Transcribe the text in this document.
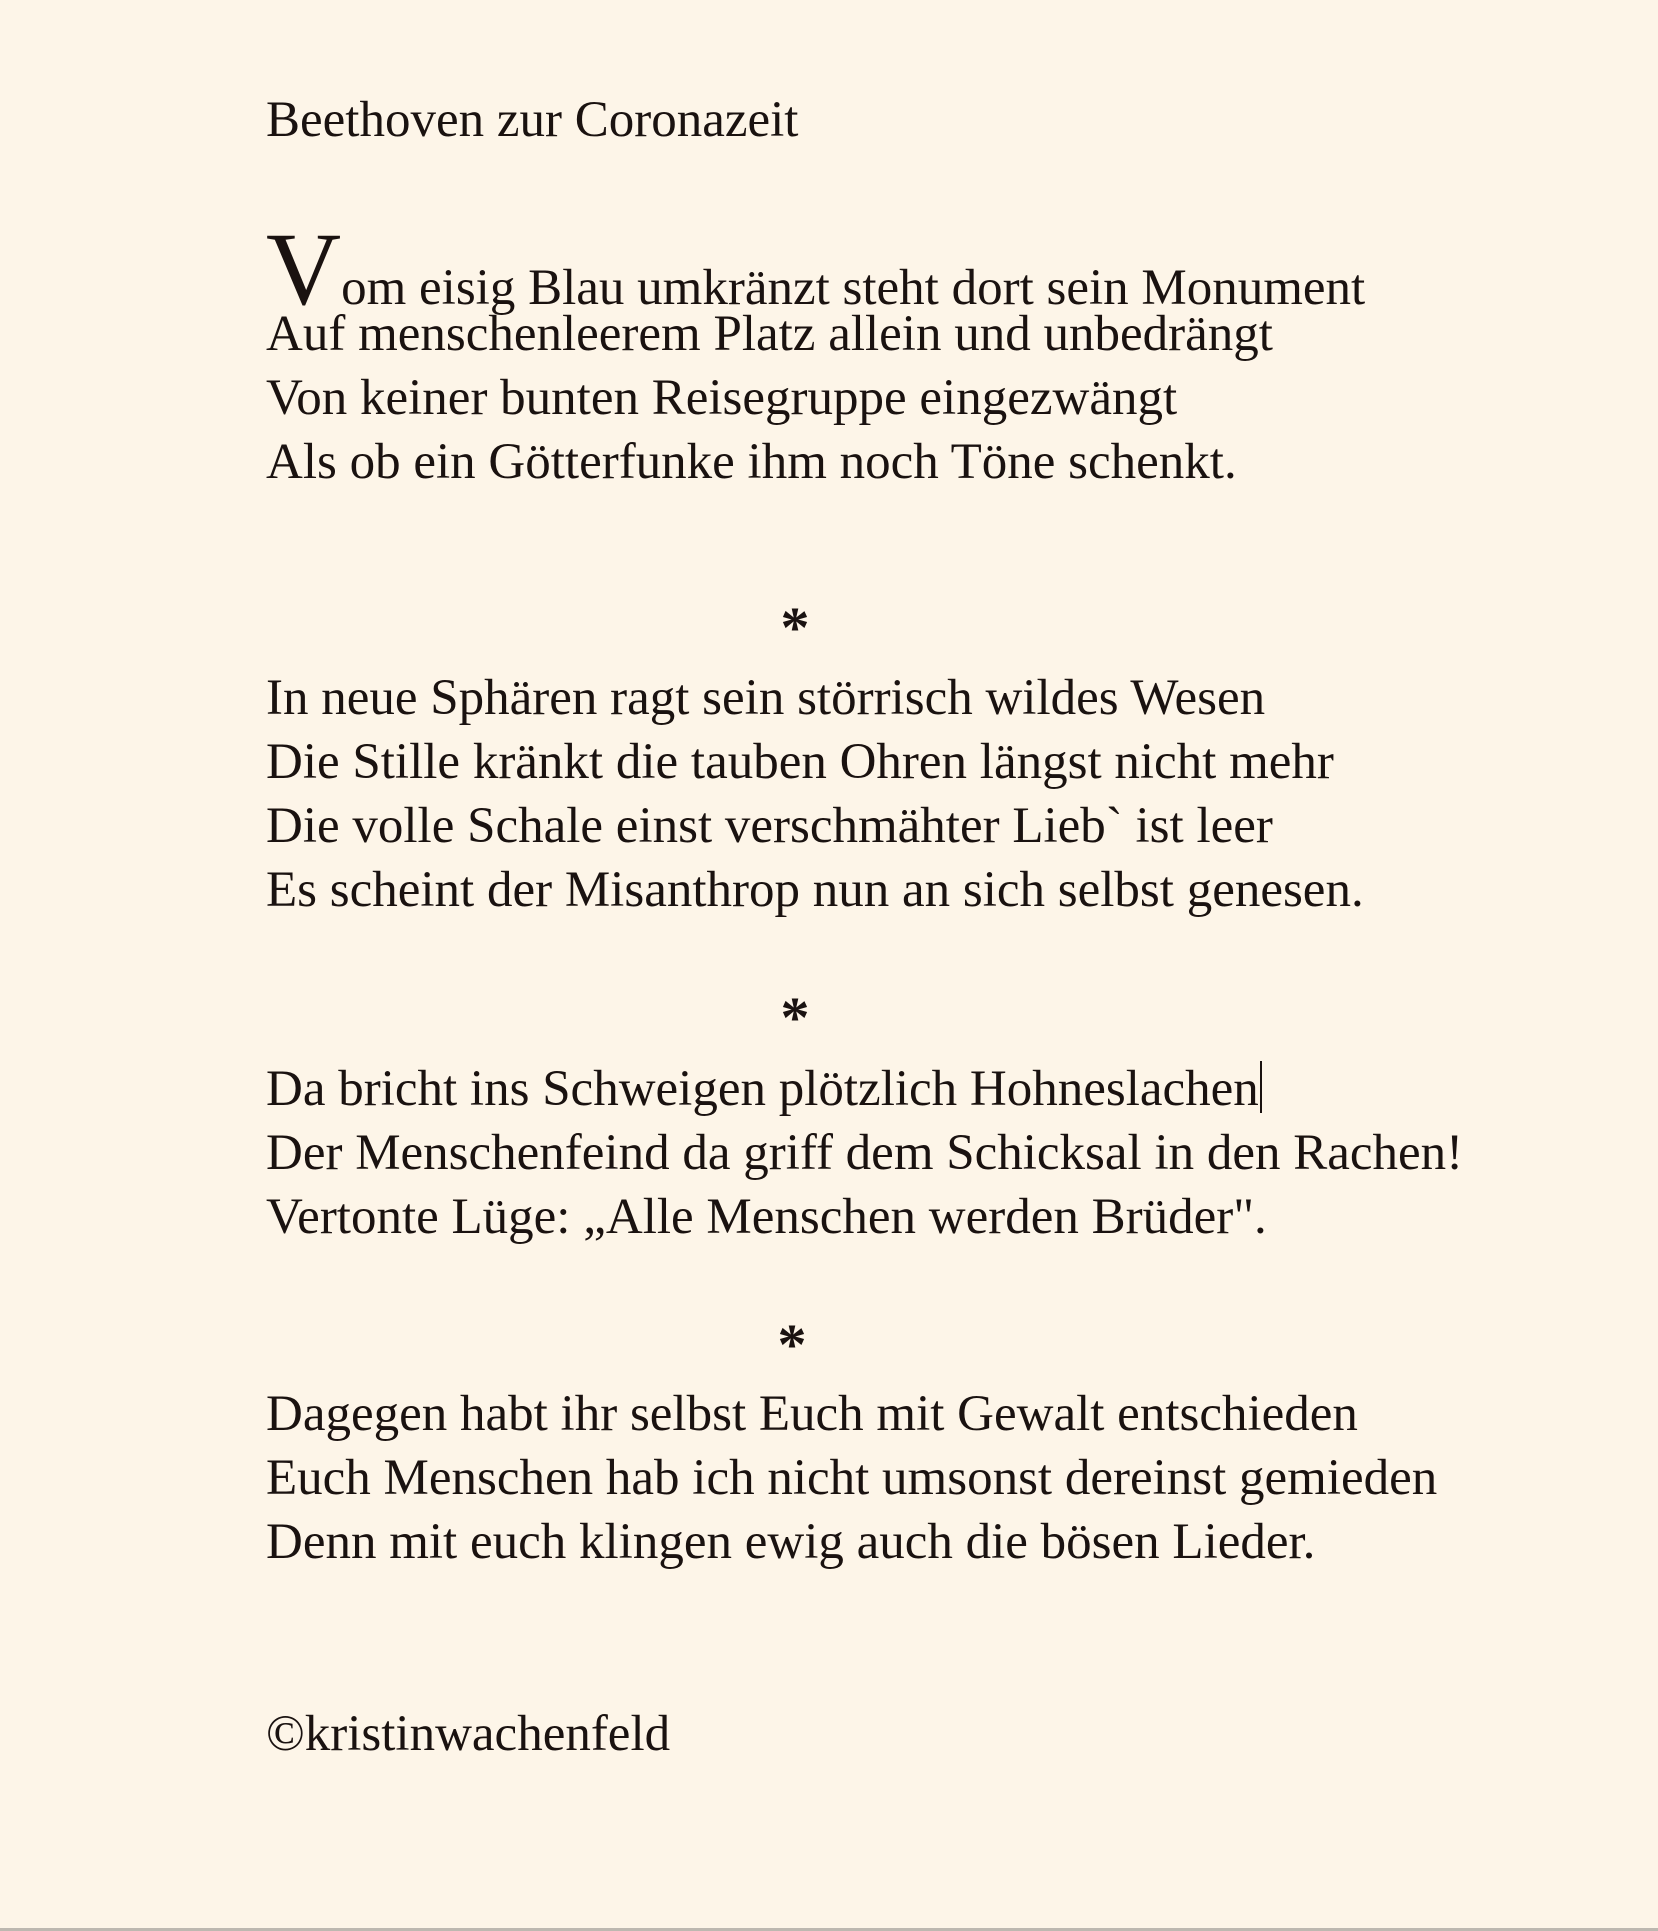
Beethoven zur Coronazeit
Vom eisig Blau umkränzt steht dort sein Monument
Auf menschenleerem Platz allein und unbedrängt
Von keiner bunten Reisegruppe eingezwängt
Als ob ein Götterfunke ihm noch Töne schenkt.
*
In neue Sphären ragt sein störrisch wildes Wesen
Die Stille kränkt die tauben Ohren längst nicht mehr
Die volle Schale einst verschmähter Lieb` ist leer
Es scheint der Misanthrop nun an sich selbst genesen.
*
Da bricht ins Schweigen plötzlich Hohneslachen
Der Menschenfeind da griff dem Schicksal in den Rachen!
Vertonte Lüge: „Alle Menschen werden Brüder".
*
Dagegen habt ihr selbst Euch mit Gewalt entschieden
Euch Menschen hab ich nicht umsonst dereinst gemieden
Denn mit euch klingen ewig auch die bösen Lieder.
©kristinwachenfeld
